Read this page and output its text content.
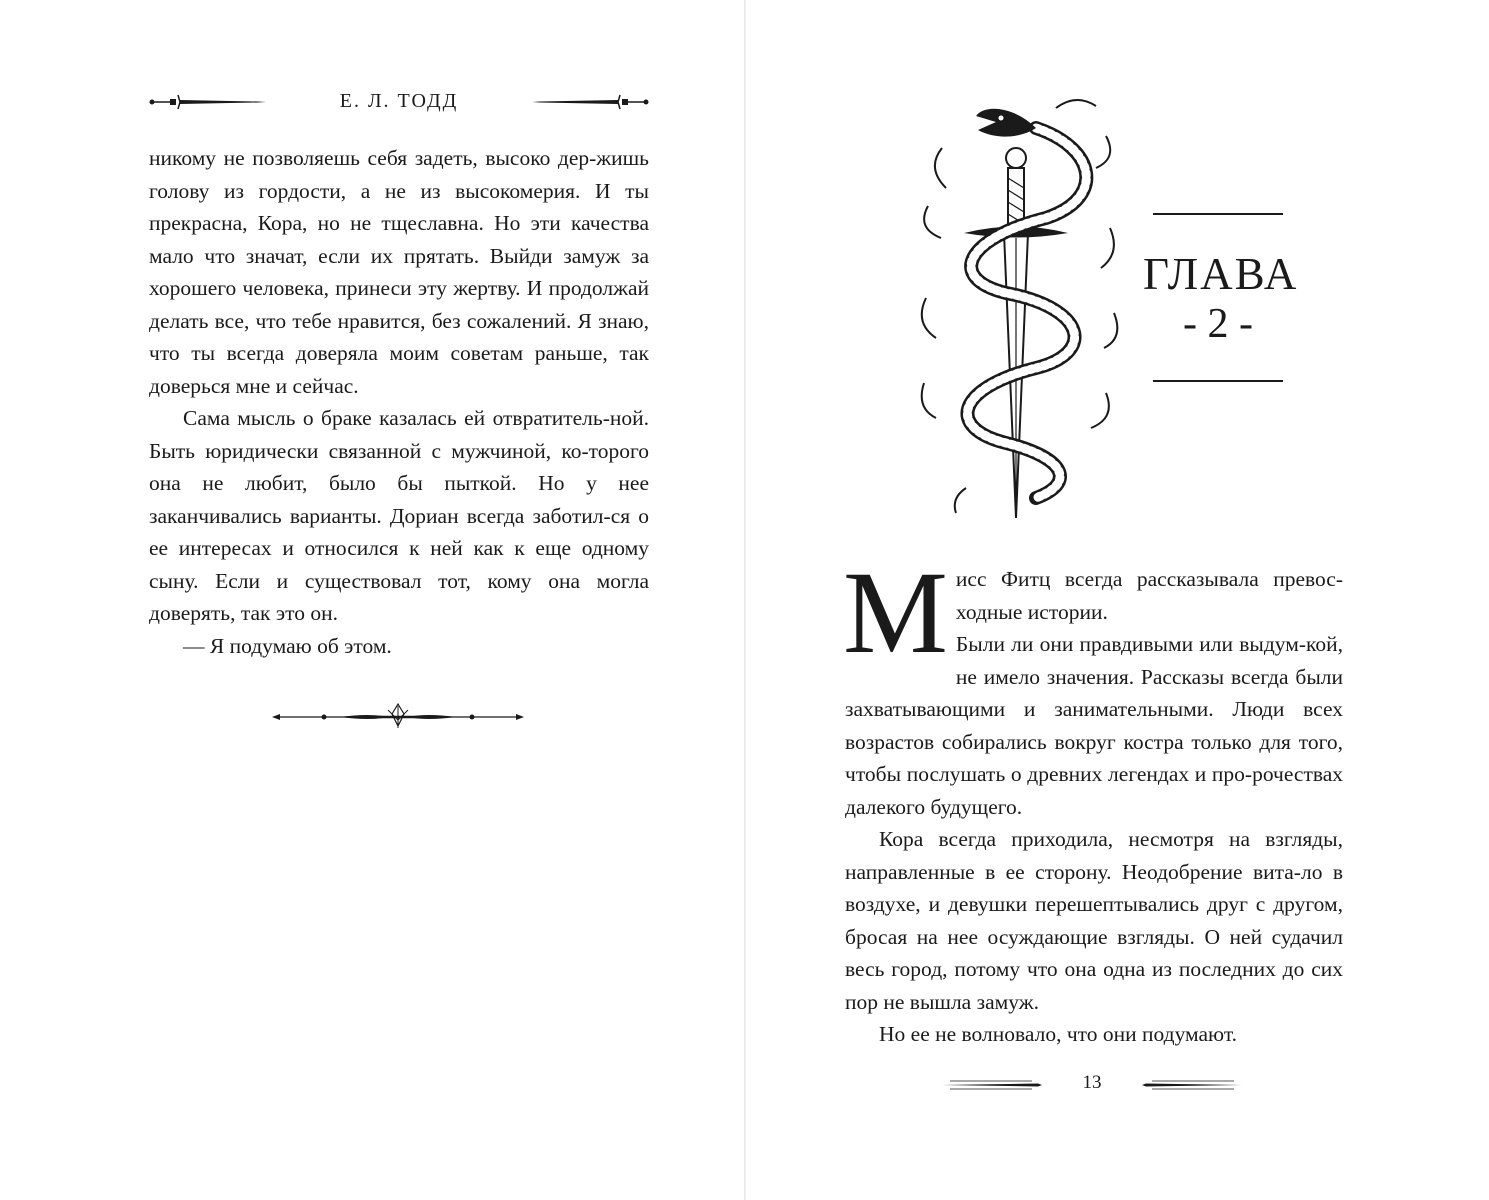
Е. Л. ТОДД

никому не позволяешь себя задеть, высоко дер-жишь голову из гордости, а не из высокомерия. И ты прекрасна, Кора, но не тщеславна. Но эти качества мало что значат, если их прятать. Выйди замуж за хорошего человека, принеси эту жертву. И продолжай делать все, что тебе нравится, без сожалений. Я знаю, что ты всегда доверяла моим советам раньше, так доверься мне и сейчас.

Сама мысль о браке казалась ей отвратитель-ной. Быть юридически связанной с мужчиной, ко-торого она не любит, было бы пыткой. Но у нее заканчивались варианты. Дориан всегда заботил-ся о ее интересах и относился к ней как к еще одному сыну. Если и существовал тот, кому она могла доверять, так это он.

— Я подумаю об этом.

ГЛАВА
- 2 -

Мисс Фитц всегда рассказывала превос-ходные истории.

Были ли они правдивыми или выдум-кой, не имело значения. Рассказы всегда были захватывающими и занимательными. Люди всех возрастов собирались вокруг костра только для того, чтобы послушать о древних легендах и про-рочествах далекого будущего.

Кора всегда приходила, несмотря на взгляды, направленные в ее сторону. Неодобрение вита-ло в воздухе, и девушки перешептывались друг с другом, бросая на нее осуждающие взгляды. О ней судачил весь город, потому что она одна из последних до сих пор не вышла замуж.

Но ее не волновало, что они подумают.

13
